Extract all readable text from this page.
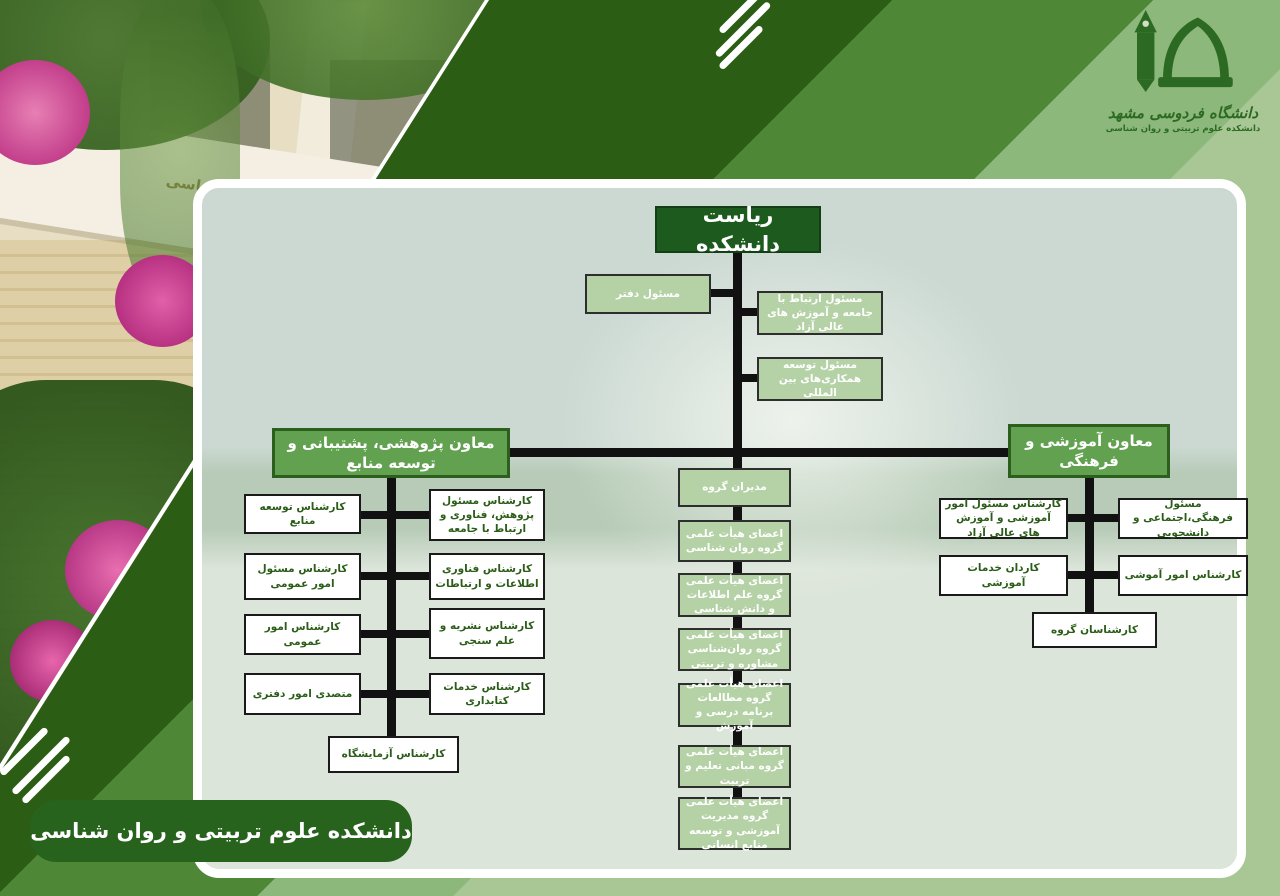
دانشگاه فردوسی مشهد
دانشکده علوم تربیتی و روان شناسی
ریاست دانشکده
مسئول دفتر	مسئول ارتباط با جامعه و آموزش های عالی آزاد
مسئول توسعه همکاری‌های بین المللی
معاون پژوهشی، پشتیبانی و توسعه منابع
کارشناس توسعه منابع
کارشناس مسئول پژوهش، فناوری و ارتباط با جامعه
کارشناس مسئول امور عمومی
کارشناس فناوری اطلاعات و ارتباطات
کارشناس امور عمومی
کارشناس نشریه و علم سنجی
متصدی امور دفتری
کارشناس خدمات کتابداری
کارشناس آزمایشگاه
مدیران گروه
اعضای هیأت علمی گروه روان شناسی
اعضای هیأت علمی گروه علم اطلاعات و دانش شناسی
اعضای هیأت علمی گروه روان‌شناسی مشاوره و تربیتی
اعضای هیأت علمی گروه مطالعات برنامه درسی و آموزش
اعضای هیأت علمی گروه مبانی تعلیم و تربیت
اعضای هیأت علمی گروه مدیریت آموزشی و توسعه منابع انسانی
معاون آموزشی و فرهنگی
کارشناس مسئول امور آموزشی و آموزش های عالی آزاد
مسئول فرهنگی،اجتماعی و دانشجویی
کاردان خدمات آموزشی
کارشناس امور آموشی
کارشناسان گروه
دانشکده علوم تربیتی و روان شناسی
